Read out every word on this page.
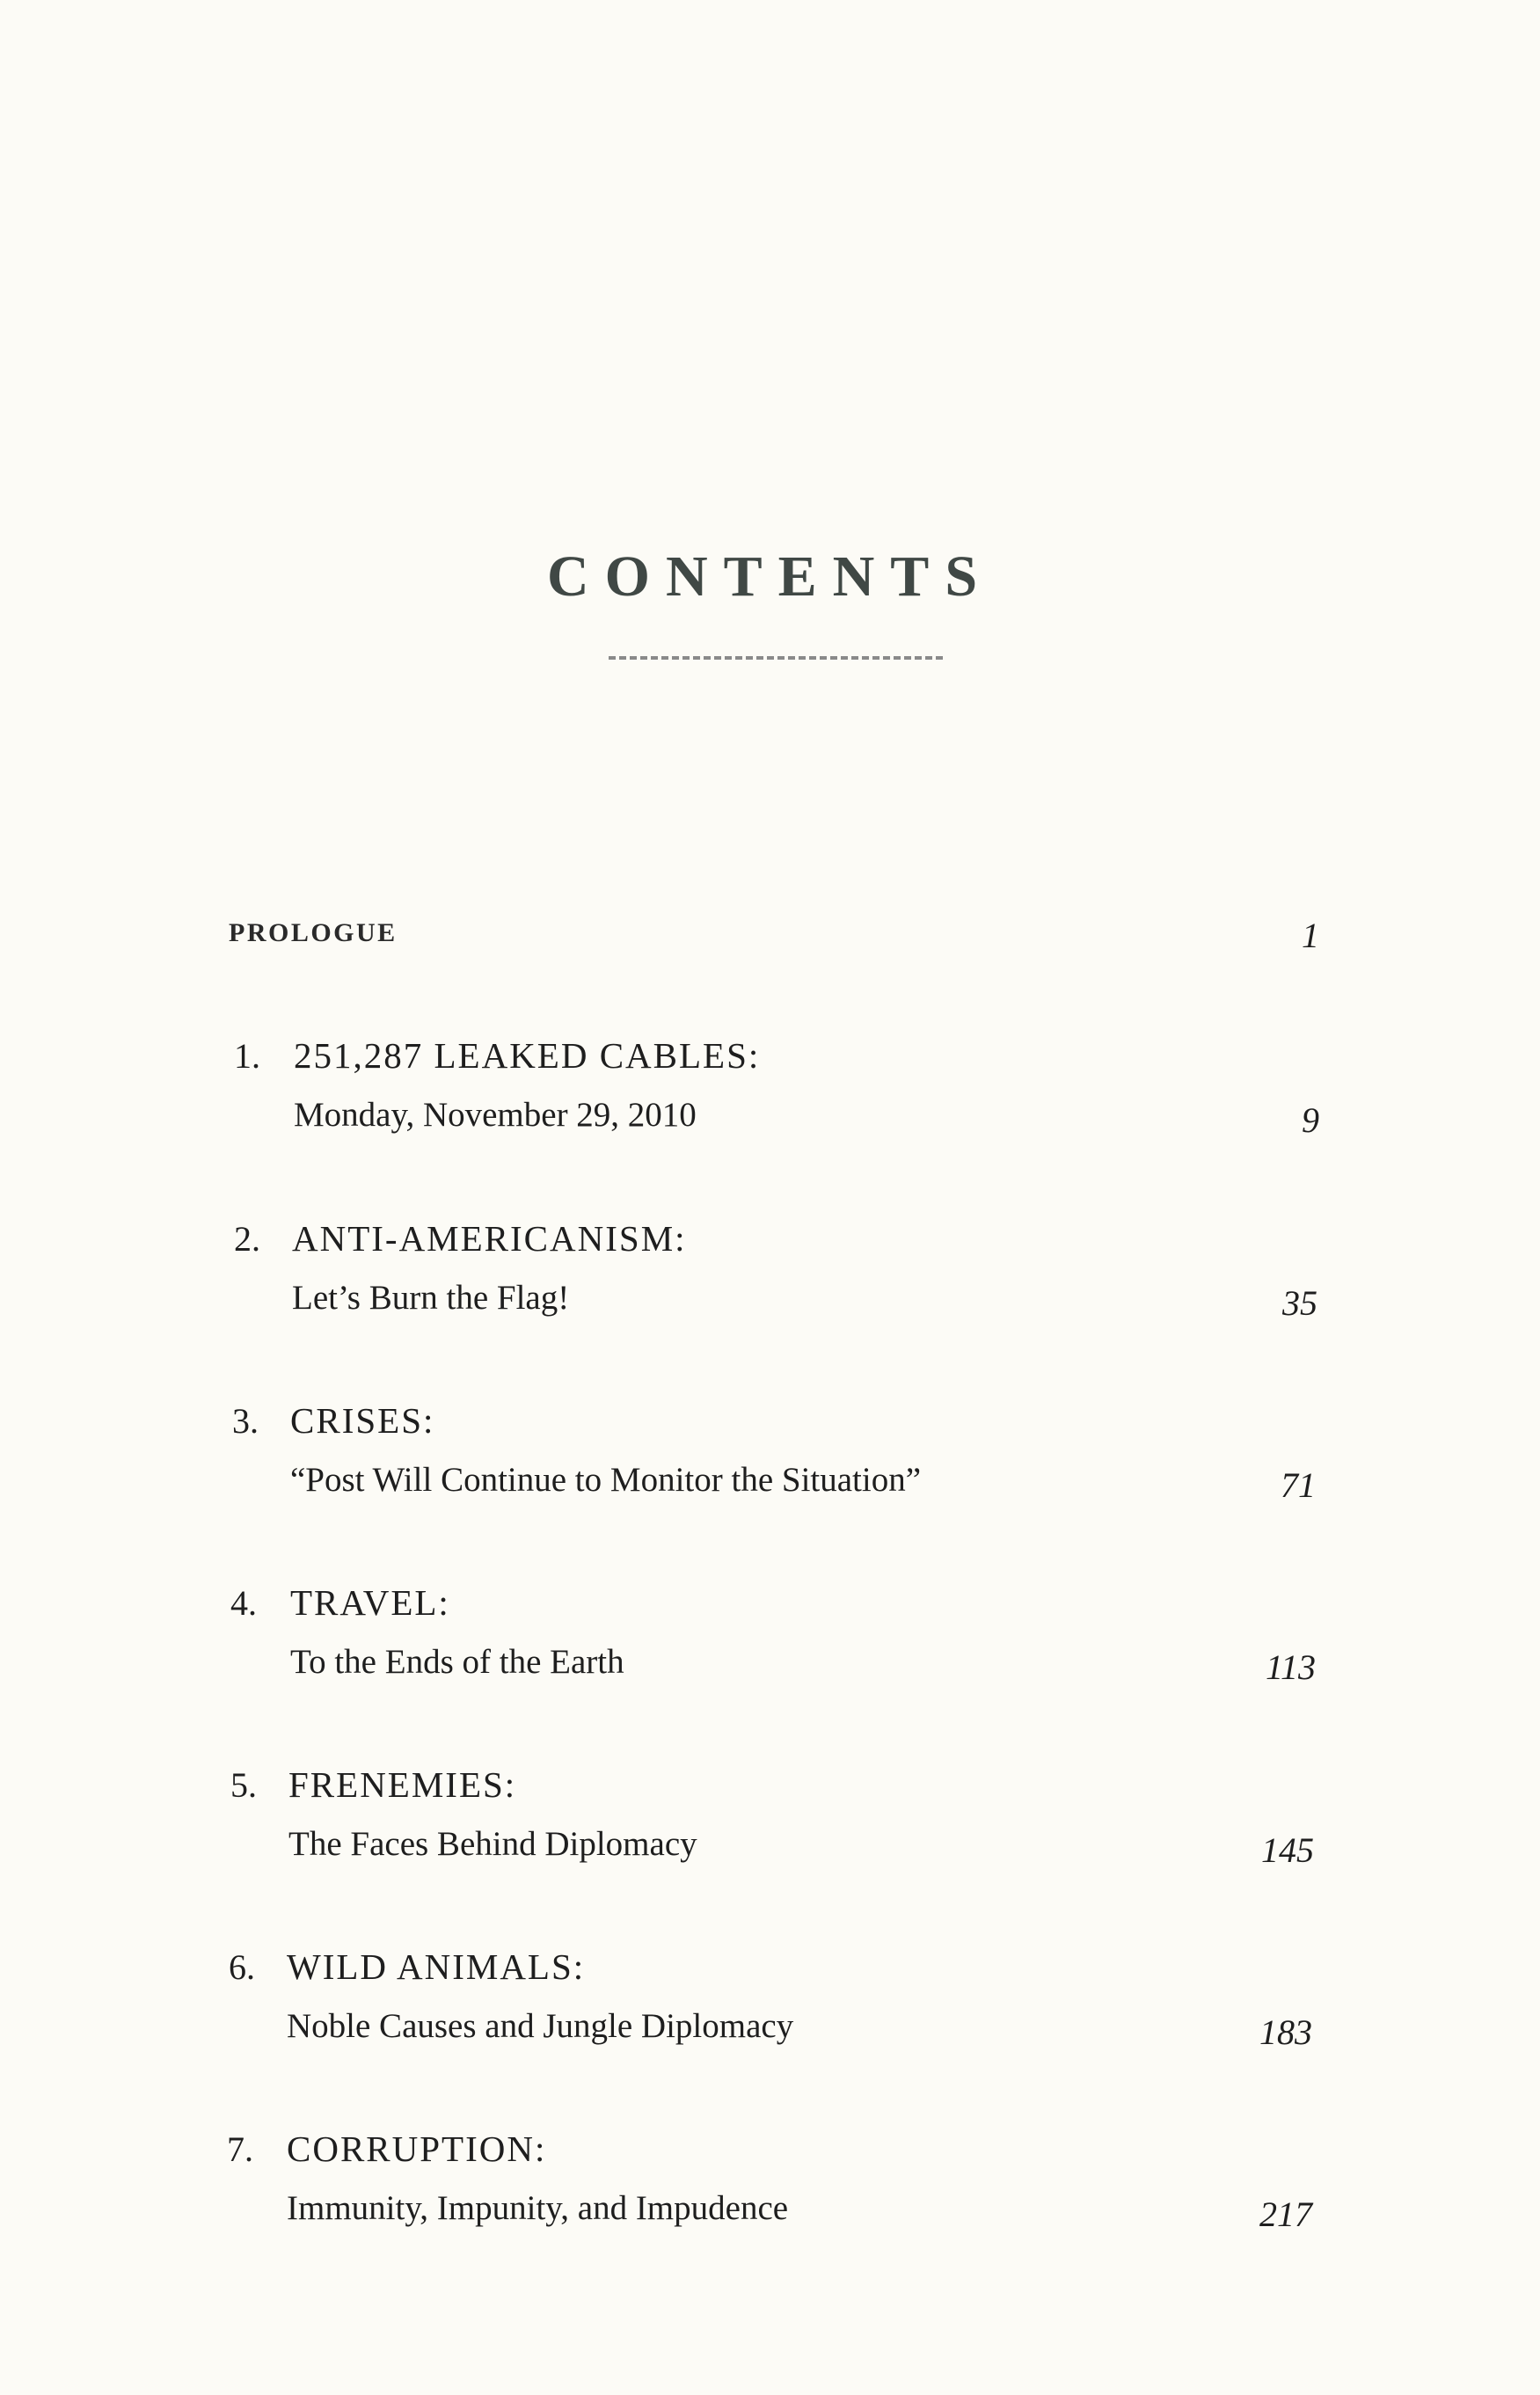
CONTENTS
PROLOGUE	1
1. 251,287 LEAKED CABLES:
Monday, November 29, 2010	9
2. ANTI-AMERICANISM:
Let’s Burn the Flag!	35
3. CRISES:
“Post Will Continue to Monitor the Situation”	71
4. TRAVEL:
To the Ends of the Earth	113
5. FRENEMIES:
The Faces Behind Diplomacy	145
6. WILD ANIMALS:
Noble Causes and Jungle Diplomacy	183
7. CORRUPTION:
Immunity, Impunity, and Impudence	217
